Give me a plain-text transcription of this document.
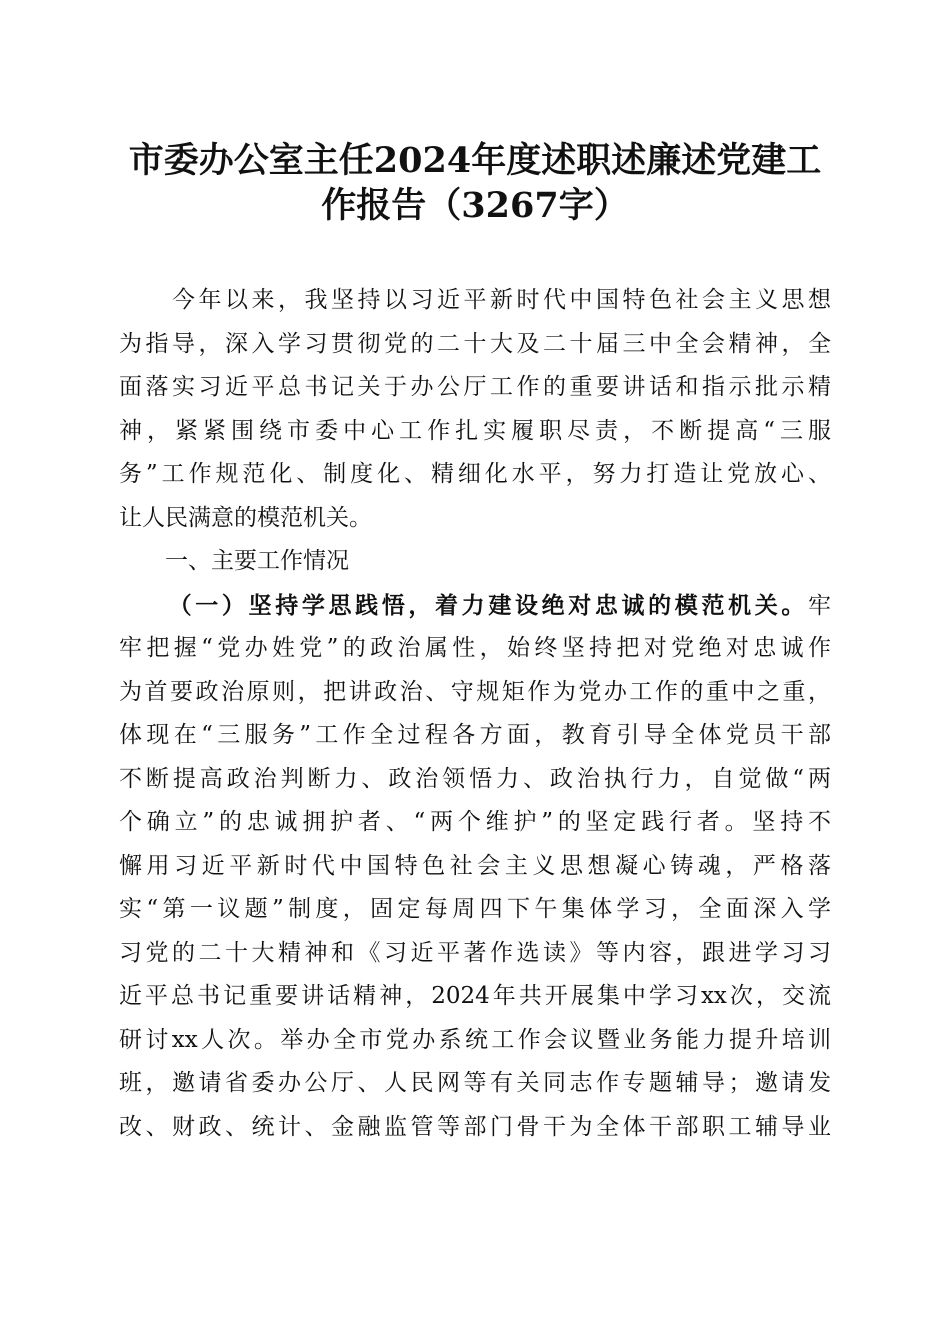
市委办公室主任2024年度述职述廉述党建工
作报告（3267字）
　　今年以来，我坚持以习近平新时代中国特色社会主义思想
为指导，深入学习贯彻党的二十大及二十届三中全会精神，全
面落实习近平总书记关于办公厅工作的重要讲话和指示批示精
神，紧紧围绕市委中心工作扎实履职尽责，不断提高“三服
务”工作规范化、制度化、精细化水平，努力打造让党放心、
让人民满意的模范机关。
　　一、主要工作情况
（一）坚持学思践悟，着力建设绝对忠诚的模范机关。牢
牢把握“党办姓党”的政治属性，始终坚持把对党绝对忠诚作
为首要政治原则，把讲政治、守规矩作为党办工作的重中之重，
体现在“三服务”工作全过程各方面，教育引导全体党员干部
不断提高政治判断力、政治领悟力、政治执行力，自觉做“两
个确立”的忠诚拥护者、“两个维护”的坚定践行者。坚持不
懈用习近平新时代中国特色社会主义思想凝心铸魂，严格落
实“第一议题”制度，固定每周四下午集体学习，全面深入学
习党的二十大精神和《习近平著作选读》等内容，跟进学习习
近平总书记重要讲话精神，2024年共开展集中学习xx次，交流
研讨xx人次。举办全市党办系统工作会议暨业务能力提升培训
班，邀请省委办公厅、人民网等有关同志作专题辅导；邀请发
改、财政、统计、金融监管等部门骨干为全体干部职工辅导业
